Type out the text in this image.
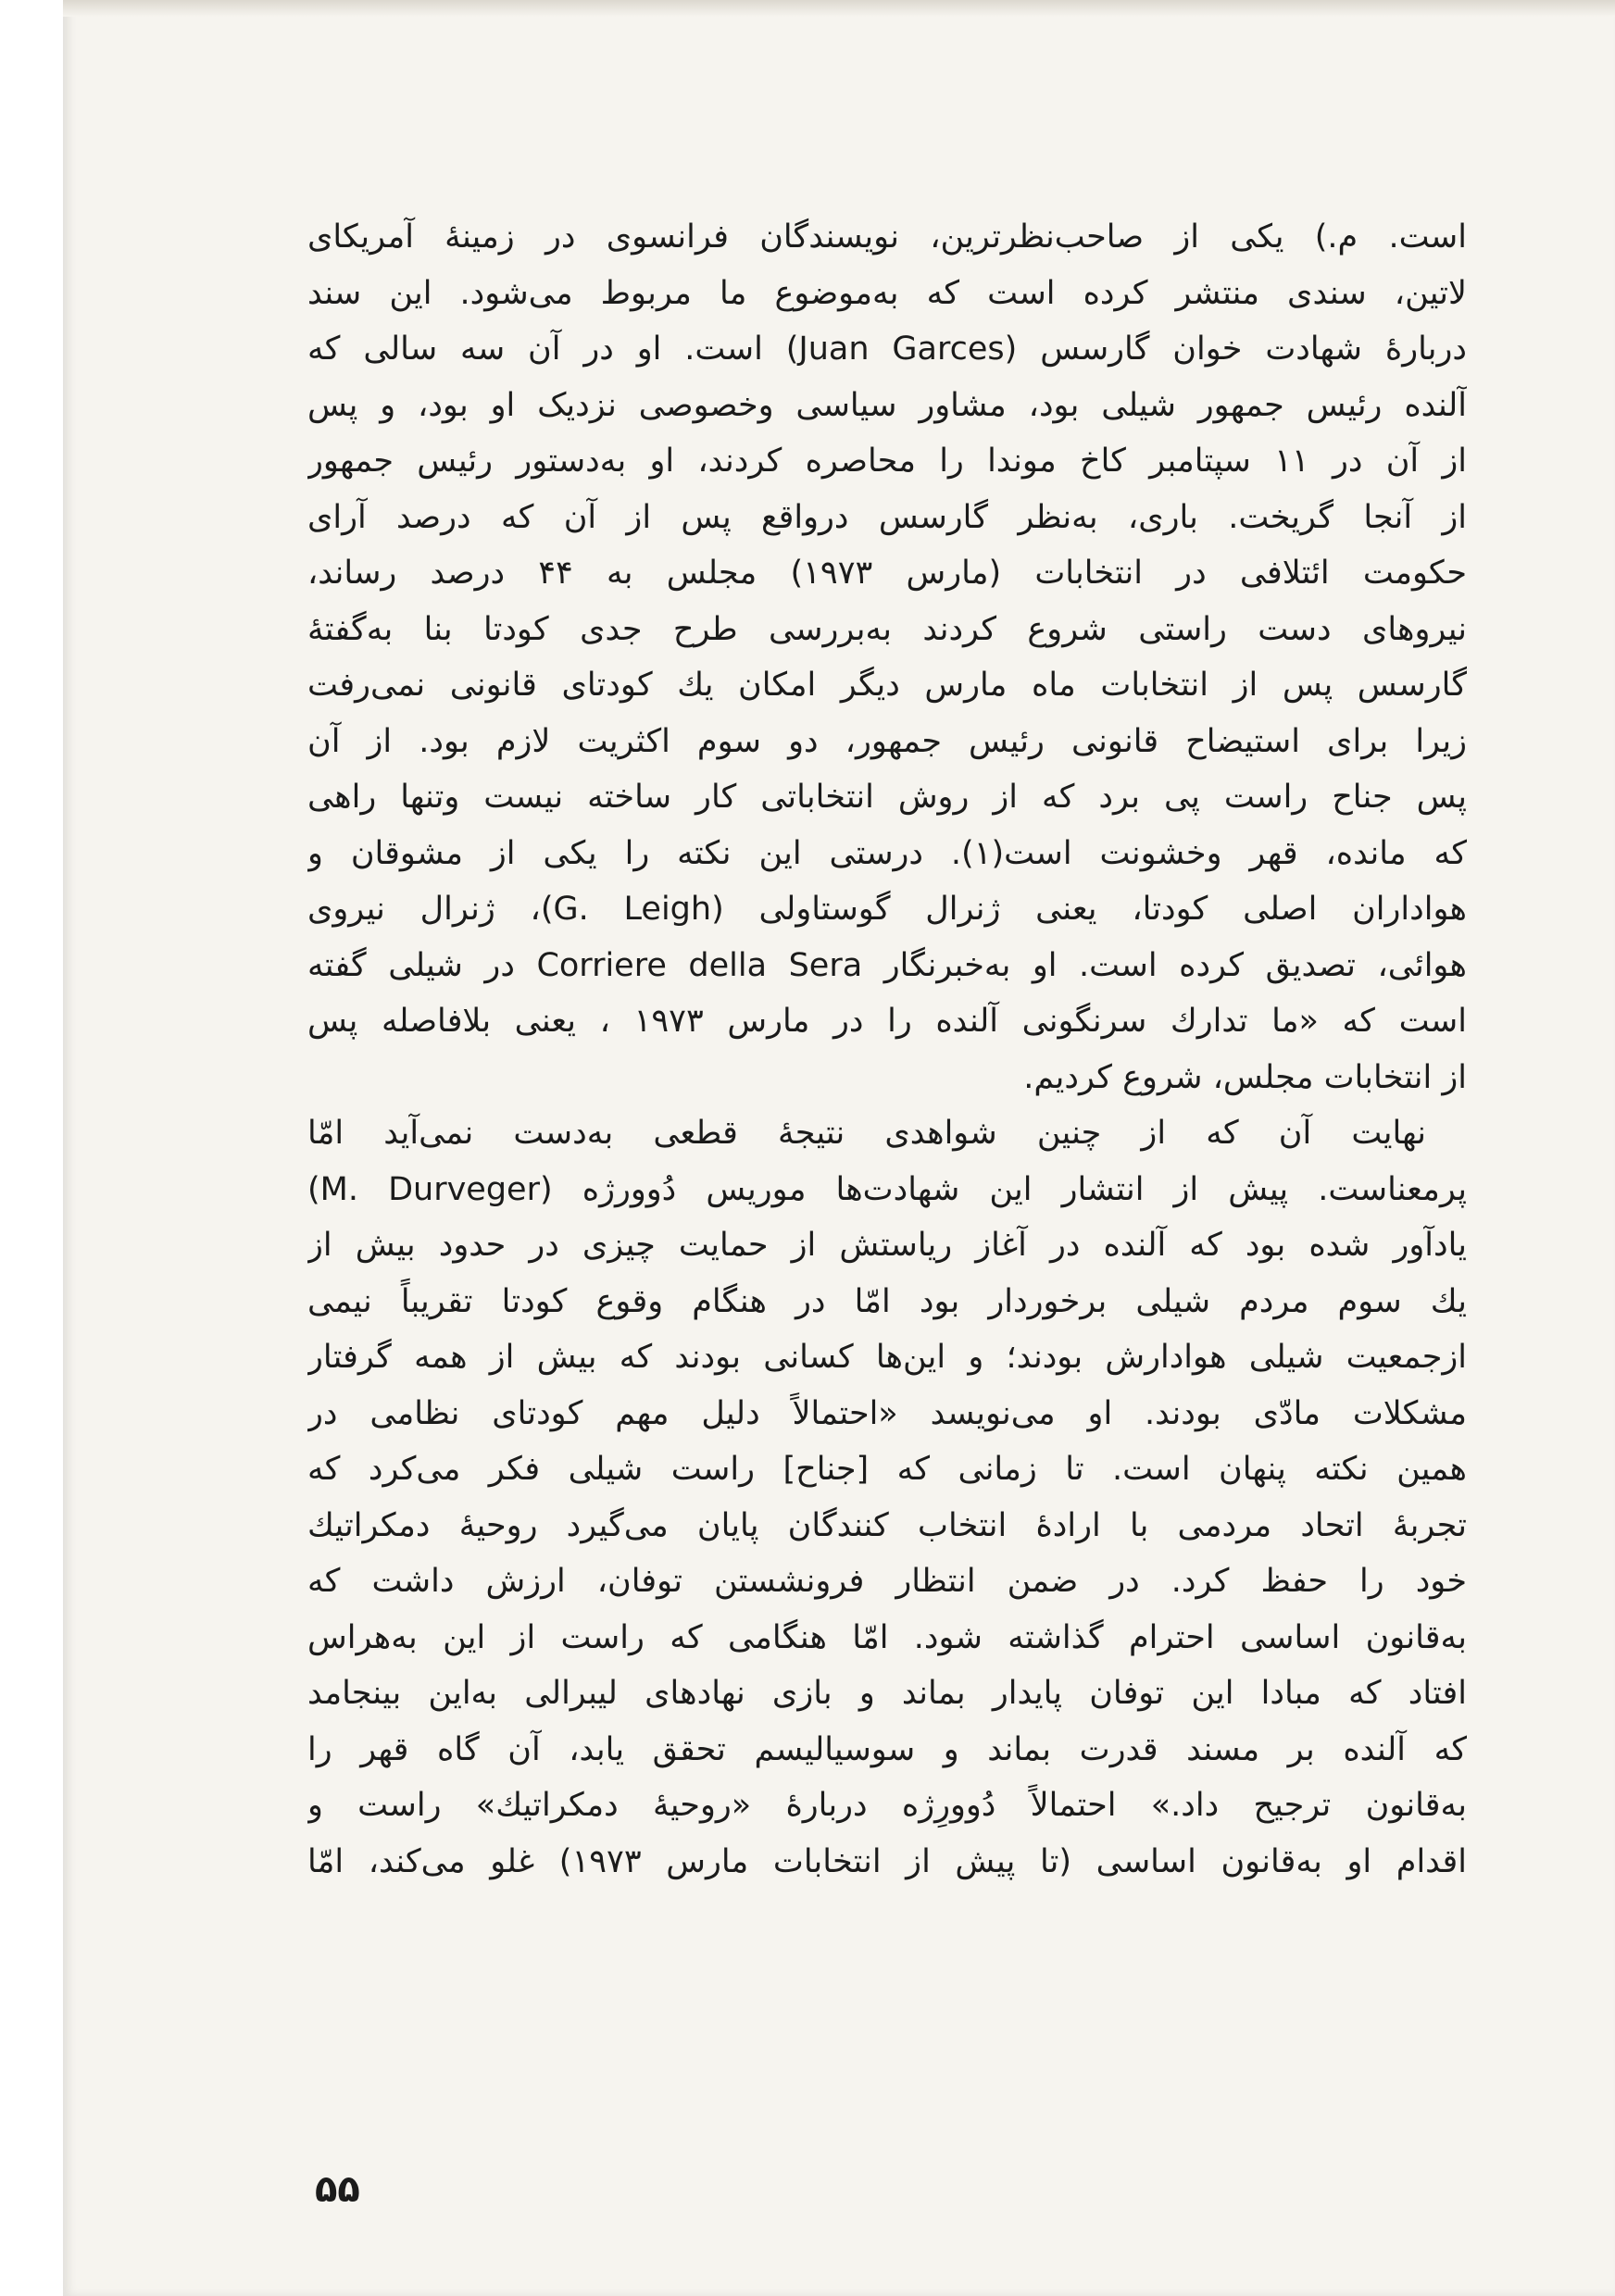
است. م.) یکی از صاحب‌نظرترین، نویسندگان فرانسوی در زمینهٔ آمریکای
لاتین، سندی منتشر کرده است که به‌موضوع ما مربوط می‌شود. این سند
دربارهٔ شهادت خوان گارسس (Juan Garces) است. او در آن سه سالی که
آلنده رئیس جمهور شیلی بود، مشاور سیاسی وخصوصی نزدیک او بود، و پس
از آن در ۱۱ سپتامبر کاخ موندا را محاصره کردند، او به‌دستور رئیس جمهور
از آنجا گریخت. باری، به‌نظر گارسس درواقع پس از آن که درصد آرای
حکومت ائتلافی در انتخابات (مارس ۱۹۷۳) مجلس به ۴۴ درصد رساند،
نیروهای دست راستی شروع کردند به‌بررسی طرح جدی کودتا بنا به‌گفتهٔ
گارسس پس از انتخابات ماه مارس دیگر امکان یك کودتای قانونی نمی‌رفت
زیرا برای استیضاح قانونی رئیس جمهور، دو سوم اکثریت لازم بود. از آن
پس جناح راست پی برد که از روش انتخاباتی کار ساخته نیست وتنها راهی
که مانده، قهر وخشونت است(۱). درستی این نکته را یکی از مشوقان و
هواداران اصلی کودتا، یعنی ژنرال گوستاولی (G. Leigh)، ژنرال نیروی
هوائی، تصدیق کرده است. او به‌خبرنگار Corriere della Sera در شیلی گفته
است که «ما تدارك سرنگونی آلنده را در مارس ۱۹۷۳ ، یعنی بلافاصله پس
از انتخابات مجلس، شروع کردیم.
نهایت آن که از چنین شواهدی نتیجهٔ قطعی به‌دست نمی‌آید امّا
پرمعناست. پیش از انتشار این شهادت‌ها موریس دُوورژه (M. Durveger)
یادآور شده بود که آلنده در آغاز ریاستش از حمایت چیزی در حدود بیش از
یك سوم مردم شیلی برخوردار بود امّا در هنگام وقوع کودتا تقریباً نیمی
ازجمعیت شیلی هوادارش بودند؛ و این‌ها کسانی بودند که بیش از همه گرفتار
مشکلات مادّی بودند. او می‌نویسد «احتمالاً دلیل مهم کودتای نظامی در
همین نکته پنهان است. تا زمانی که [جناح] راست شیلی فکر می‌کرد که
تجربهٔ اتحاد مردمی با ارادهٔ انتخاب کنندگان پایان می‌گیرد روحیهٔ دمکراتیك
خود را حفظ کرد. در ضمن انتظار فرونشستن توفان، ارزش داشت که
به‌قانون اساسی احترام گذاشته شود. امّا هنگامی که راست از این به‌هراس
افتاد که مبادا این توفان پایدار بماند و بازی نهادهای لیبرالی به‌این بینجامد
که آلنده بر مسند قدرت بماند و سوسیالیسم تحقق یابد، آن گاه قهر را
به‌قانون ترجیح داد.» احتمالاً دُوورِژه دربارهٔ «روحیهٔ دمکراتیك» راست و
اقدام او به‌قانون اساسی (تا پیش از انتخابات مارس ۱۹۷۳) غلو می‌کند، امّا
۵۵
